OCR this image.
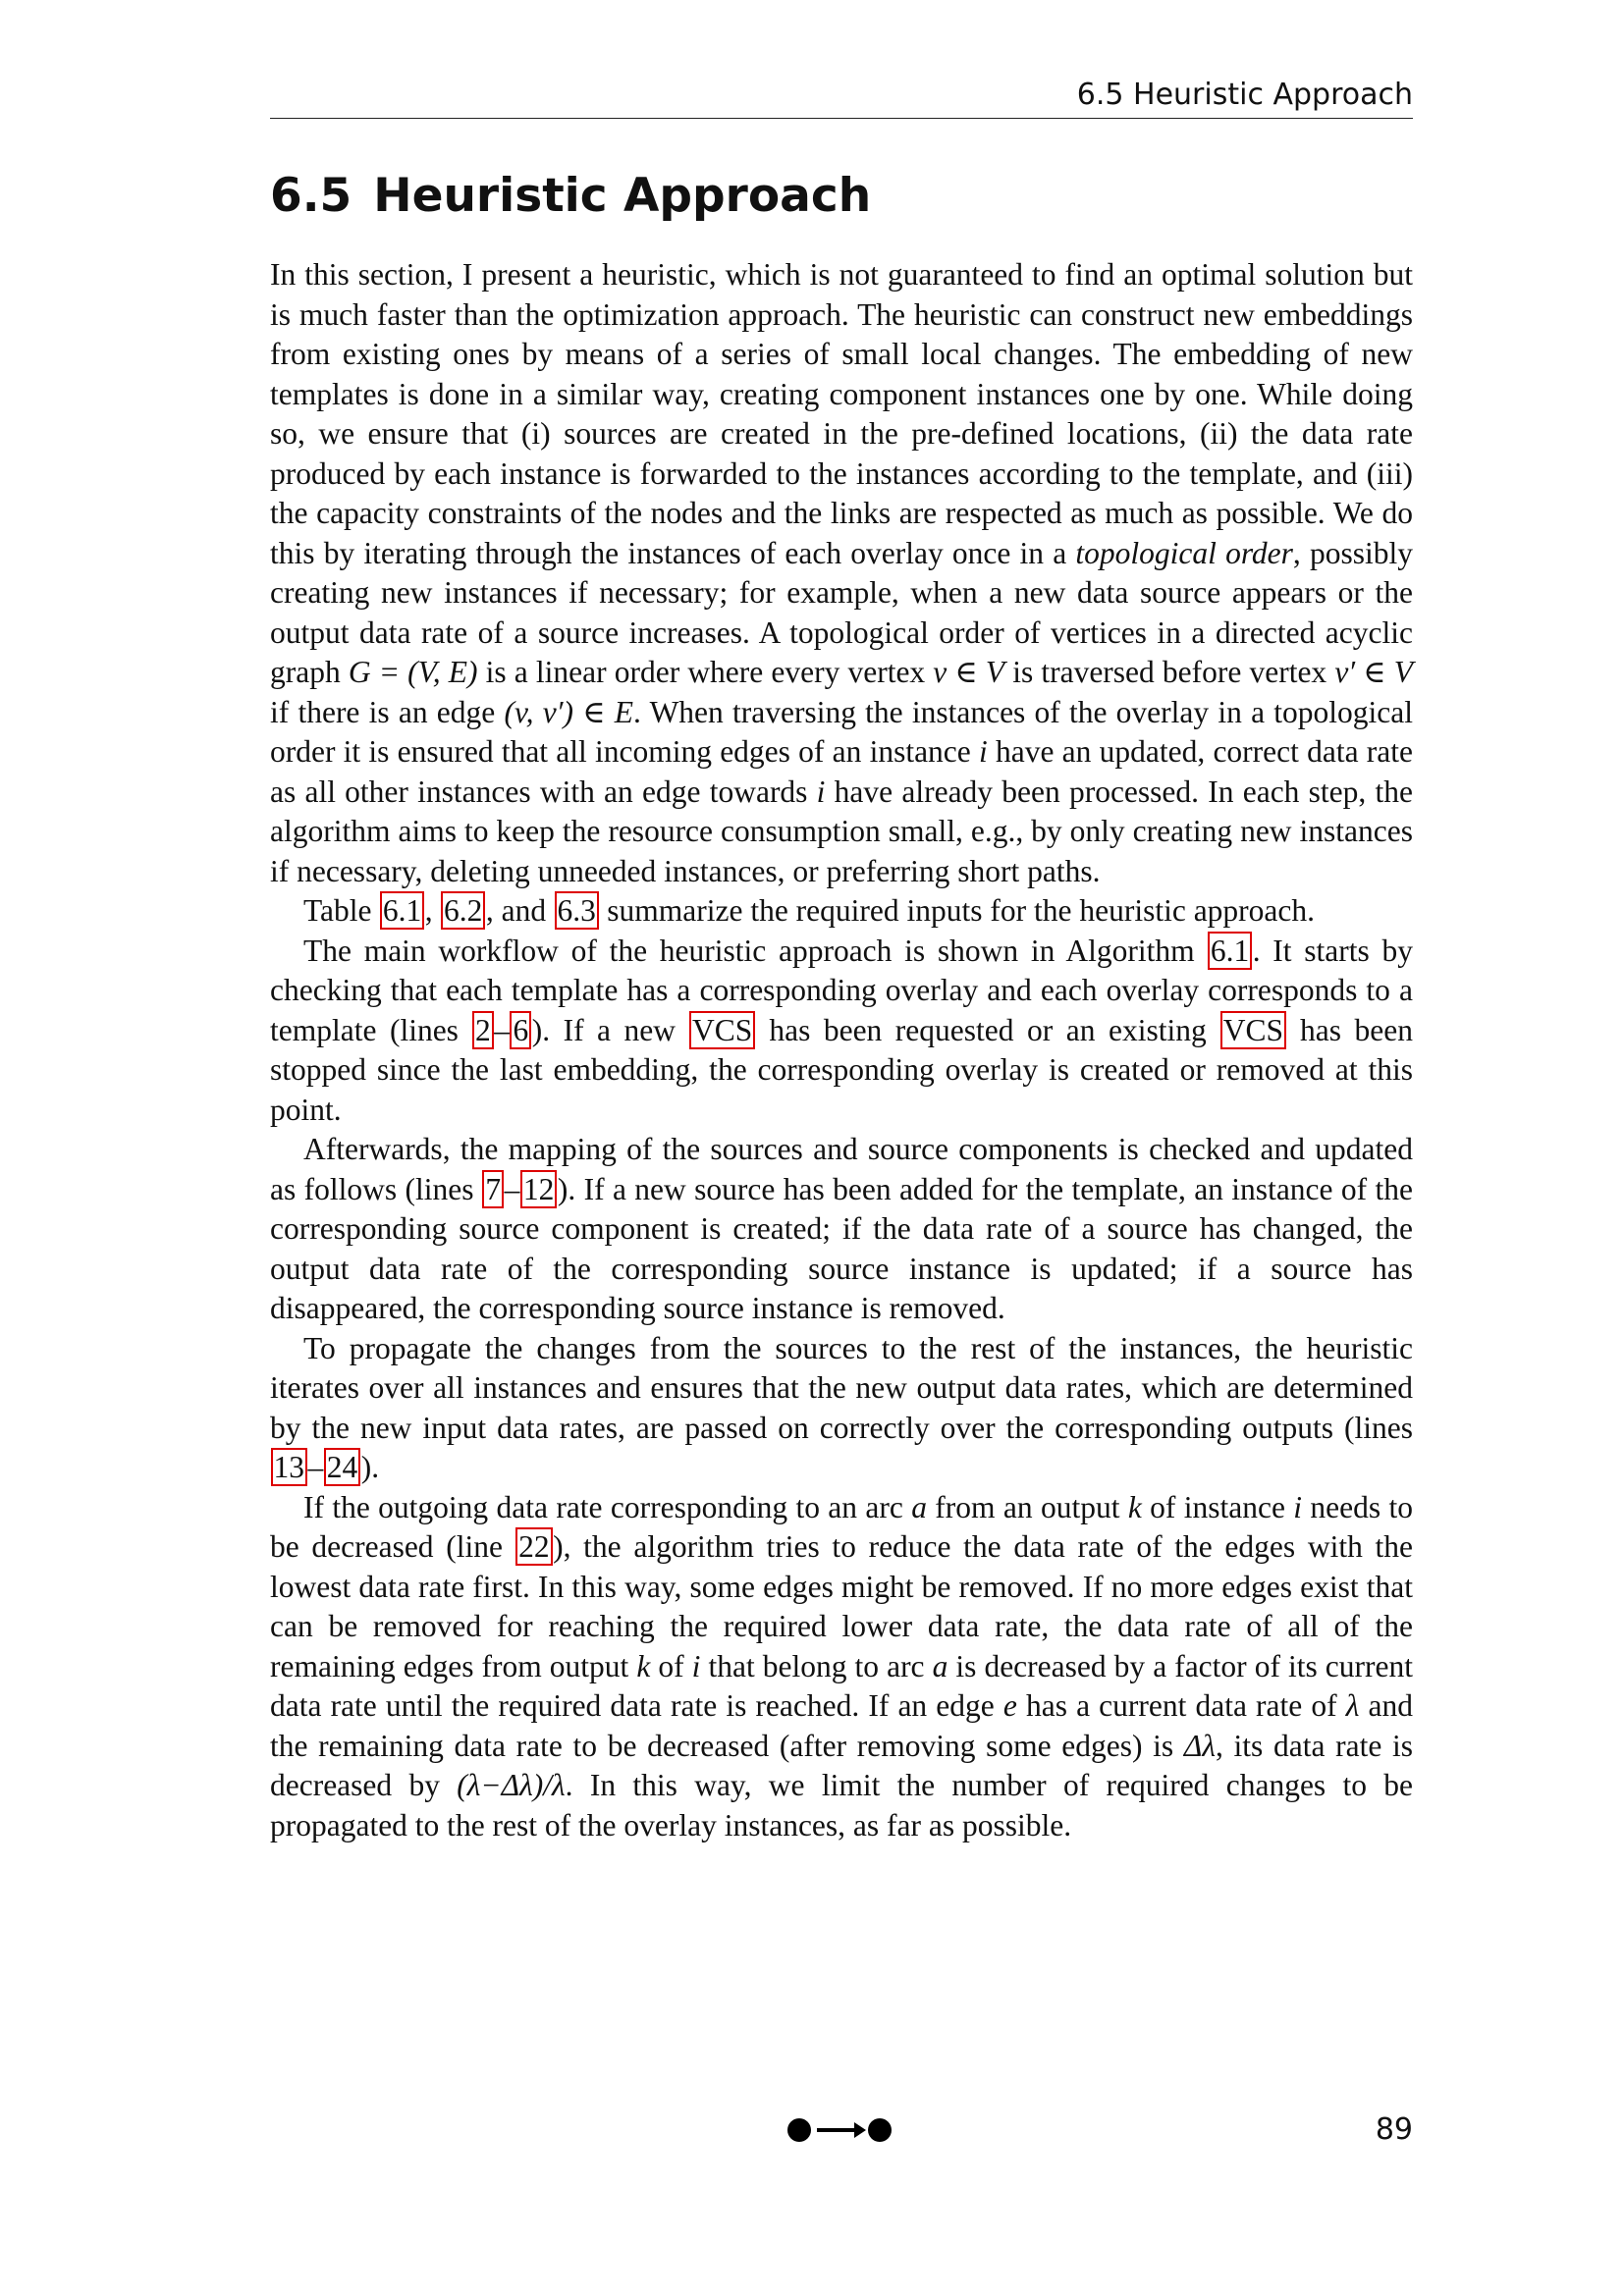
6.5 Heuristic Approach
6.5 Heuristic Approach

In this section, I present a heuristic, which is not guaranteed to find an optimal solution but is much faster than the optimization approach. The heuristic can construct new embeddings from existing ones by means of a series of small local changes. The embedding of new templates is done in a similar way, creating component instances one by one. While doing so, we ensure that (i) sources are created in the pre-defined locations, (ii) the data rate produced by each instance is forwarded to the instances according to the template, and (iii) the capacity constraints of the nodes and the links are respected as much as possible. We do this by iterating through the instances of each overlay once in a topological order, possibly creating new instances if necessary; for example, when a new data source appears or the output data rate of a source increases. A topological order of vertices in a directed acyclic graph G = (V, E) is a linear order where every vertex v ∈ V is traversed before vertex v′ ∈ V if there is an edge (v, v′) ∈ E. When traversing the instances of the overlay in a topological order it is ensured that all incoming edges of an instance i have an updated, correct data rate as all other instances with an edge towards i have already been processed. In each step, the algorithm aims to keep the resource consumption small, e.g., by only creating new instances if necessary, deleting unneeded instances, or preferring short paths.

Table 6.1 , 6.2 , and 6.3 summarize the required inputs for the heuristic approach.

The main workflow of the heuristic approach is shown in Algorithm 6.1 . It starts by checking that each template has a corresponding overlay and each overlay corresponds to a template (lines 2 – 6 ). If a new VCS has been requested or an existing VCS has been stopped since the last embedding, the corresponding overlay is created or removed at this point.

Afterwards, the mapping of the sources and source components is checked and updated as follows (lines 7 – 12 ). If a new source has been added for the template, an instance of the corresponding source component is created; if the data rate of a source has changed, the output data rate of the corresponding source instance is updated; if a source has disappeared, the corresponding source instance is removed.

To propagate the changes from the sources to the rest of the instances, the heuristic iterates over all instances and ensures that the new output data rates, which are determined by the new input data rates, are passed on correctly over the corresponding outputs (lines 13 – 24 ).

If the outgoing data rate corresponding to an arc a from an output k of instance i needs to be decreased (line 22 ), the algorithm tries to reduce the data rate of the edges with the lowest data rate first. In this way, some edges might be removed. If no more edges exist that can be removed for reaching the required lower data rate, the data rate of all of the remaining edges from output k of i that belong to arc a is decreased by a factor of its current data rate until the required data rate is reached. If an edge e has a current data rate of λ and the remaining data rate to be decreased (after removing some edges) is Δλ, its data rate is decreased by (λ−Δλ)/λ. In this way, we limit the number of required changes to be propagated to the rest of the overlay instances, as far as possible.

89
